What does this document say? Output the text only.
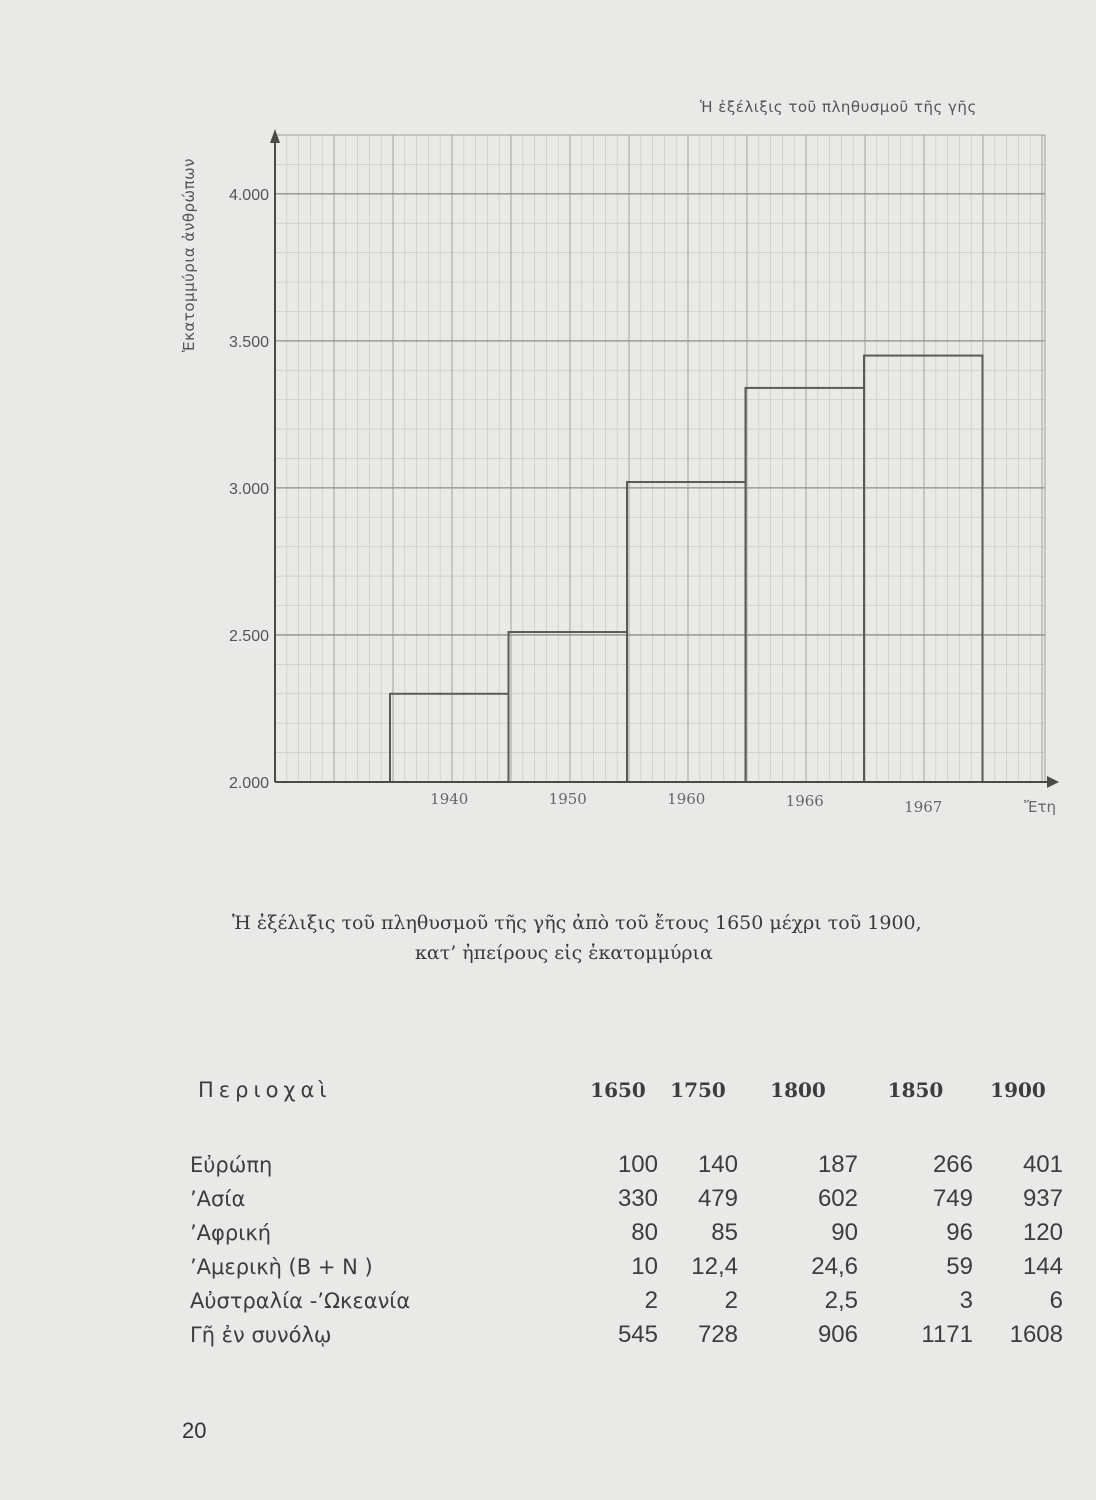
2.000
2.500
3.000
3.500
4.000
1940	1950	1960	1966	1967	Ἔτη
Ἡ ἐξέλιξις τοῦ πληθυσμοῦ τῆς γῆς
Ἑκατομμύρια ἀνθρώπων
Ἡ ἐξέλιξις τοῦ πληθυσμοῦ τῆς γῆς ἀπὸ τοῦ ἔτους 1650 μέχρι τοῦ 1900,
κατ’ ἠπείρους εἰς ἑκατομμύρια
Περιοχαὶ	1650	1750	1800	1850	1900

Εὐρώπη	100	140	187	266	401
’Ασία	330	479	602	749	937
’Αφρική	80	85	90	96	120
’Αμερικὴ (Β + Ν )	10	12,4	24,6	59	144
Αὐστραλία -’Ωκεανία	2	2	2,5	3	6
Γῆ ἐν συνόλῳ	545	728	906	1171	1608
20
